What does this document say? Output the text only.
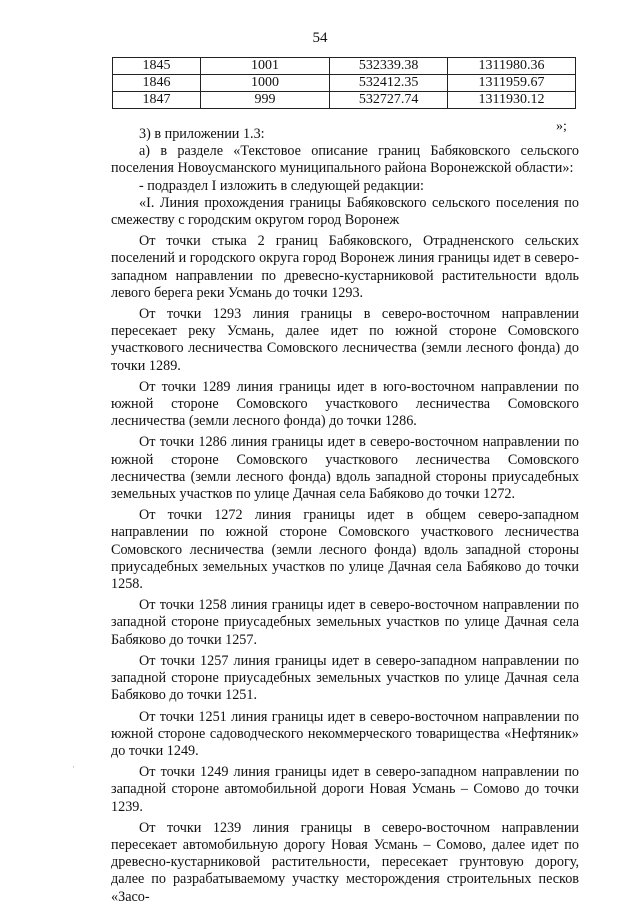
54
1845	1001	532339.38	1311980.36
1846	1000	532412.35	1311959.67
1847	999	532727.74	1311930.12
»;

3) в приложении 1.3:

а) в разделе «Текстовое описание границ Бабяковского сельского поселения Новоусманского муниципального района Воронежской области»:

- подраздел I изложить в следующей редакции:

«I. Линия прохождения границы Бабяковского сельского поселения по смежеству с городским округом город Воронеж

От точки стыка 2 границ Бабяковского, Отрадненского сельских поселений и городского округа город Воронеж линия границы идет в северо-западном направлении по древесно-кустарниковой растительности вдоль левого берега реки Усмань до точки 1293.

От точки 1293 линия границы в северо-восточном направлении пересекает реку Усмань, далее идет по южной стороне Сомовского участкового лесничества Сомовского лесничества (земли лесного фонда) до точки 1289.

От точки 1289 линия границы идет в юго-восточном направлении по южной стороне Сомовского участкового лесничества Сомовского лесничества (земли лесного фонда) до точки 1286.

От точки 1286 линия границы идет в северо-восточном направлении по южной стороне Сомовского участкового лесничества Сомовского лесничества (земли лесного фонда) вдоль западной стороны приусадебных земельных участков по улице Дачная села Бабяково до точки 1272.

От точки 1272 линия границы идет в общем северо-западном направлении по южной стороне Сомовского участкового лесничества Сомовского лесничества (земли лесного фонда) вдоль западной стороны приусадебных земельных участков по улице Дачная села Бабяково до точки 1258.

От точки 1258 линия границы идет в северо-восточном направлении по западной стороне приусадебных земельных участков по улице Дачная села Бабяково до точки 1257.

От точки 1257 линия границы идет в северо-западном направлении по западной стороне приусадебных земельных участков по улице Дачная села Бабяково до точки 1251.

От точки 1251 линия границы идет в северо-восточном направлении по южной стороне садоводческого некоммерческого товарищества «Нефтяник» до точки 1249.

От точки 1249 линия границы идет в северо-западном направлении по западной стороне автомобильной дороги Новая Усмань – Сомово до точки 1239.

От точки 1239 линия границы в северо-восточном направлении пересекает автомобильную дорогу Новая Усмань – Сомово, далее идет по древесно-кустарниковой растительности, пересекает грунтовую дорогу, далее по разрабатываемому участку месторождения строительных песков «Засо-

·
